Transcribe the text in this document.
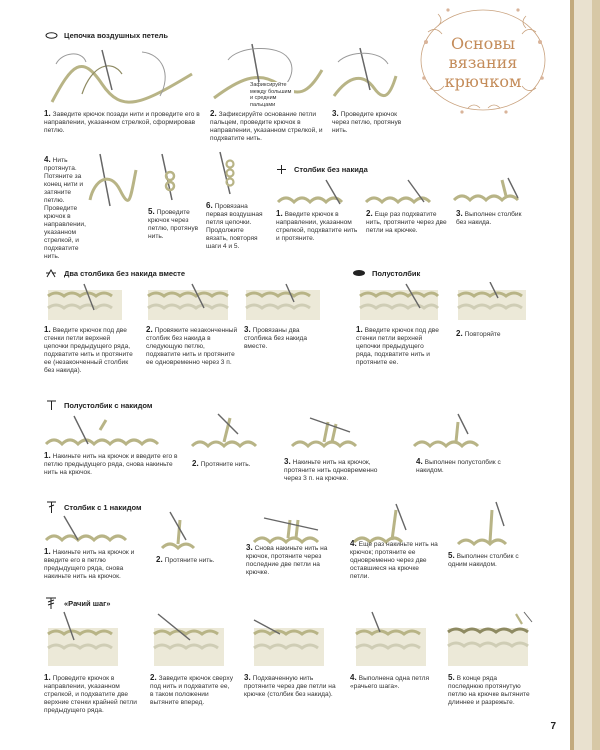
Основы
вязания
крючком
Цепочка воздушных петель
Зафиксируйте между большим и средним пальцами
1. Заведите крючок позади нити и проведите его в направлении, указанном стрелкой, сформировав петлю.
2. Зафиксируйте основание петли пальцем, проведите крючок в направлении, указанном стрелкой, и подхватите нить.
3. Проведите крючок через петлю, протянув нить.
4. Нить протянута. Потяните за конец нити и затяните петлю. Проведите крючок в направлении, указанном стрелкой, и подхватите нить.
5. Проведите крючок через петлю, протянув нить.
6. Провязана первая воздушная петля цепочки. Продолжите вязать, повторяя шаги 4 и 5.
Столбик без накида
1. Введите крючок в направлении, указанном стрелкой, подхватите нить и протяните.
2. Еще раз подхватите нить, протяните через две петли на крючке.
3. Выполнен столбик без накида.
Два столбика без накида вместе
1. Введите крючок под две стенки петли верхней цепочки предыдущего ряда, подхватите нить и протяните ее (незаконченный столбик без накида).
2. Провяжите незаконченный столбик без накида в следующую петлю, подхватите нить и протяните ее одновременно через 3 п.
3. Провязаны два столбика без накида вместе.
Полустолбик
1. Введите крючок под две стенки петли верхней цепочки предыдущего ряда, подхватите нить и протяните ее.
2. Повторяйте
Полустолбик с накидом
1. Накиньте нить на крючок и введите его в петлю предыдущего ряда, снова накиньте нить на крючок.
2. Протяните нить.	3. Накиньте нить на крючок, протяните нить одновременно через 3 п. на крючке.
4. Выполнен полустолбик с накидом.
Столбик с 1 накидом
1. Накиньте нить на крючок и введите его в петлю предыдущего ряда, снова накиньте нить на крючок.
2. Протяните нить.
3. Снова накиньте нить на крючок, протяните через последние две петли на крючке.
4. Еще раз накиньте нить на крючок; протяните ее одновременно через две оставшиеся на крючке петли.
5. Выполнен столбик с одним накидом.
«Рачий шаг»
1. Проведите крючок в направлении, указанном стрелкой, и подхватите две верхние стенки крайней петли предыдущего ряда.
2. Заведите крючок сверху под нить и подхватите ее, в таком положении вытяните вперед.
3. Подхваченную нить протяните через две петли на крючке (столбик без накида).
4. Выполнена одна петля «рачьего шага».
5. В конце ряда последнюю протянутую петлю на крючке вытяните длиннее и разрежьте.
7
